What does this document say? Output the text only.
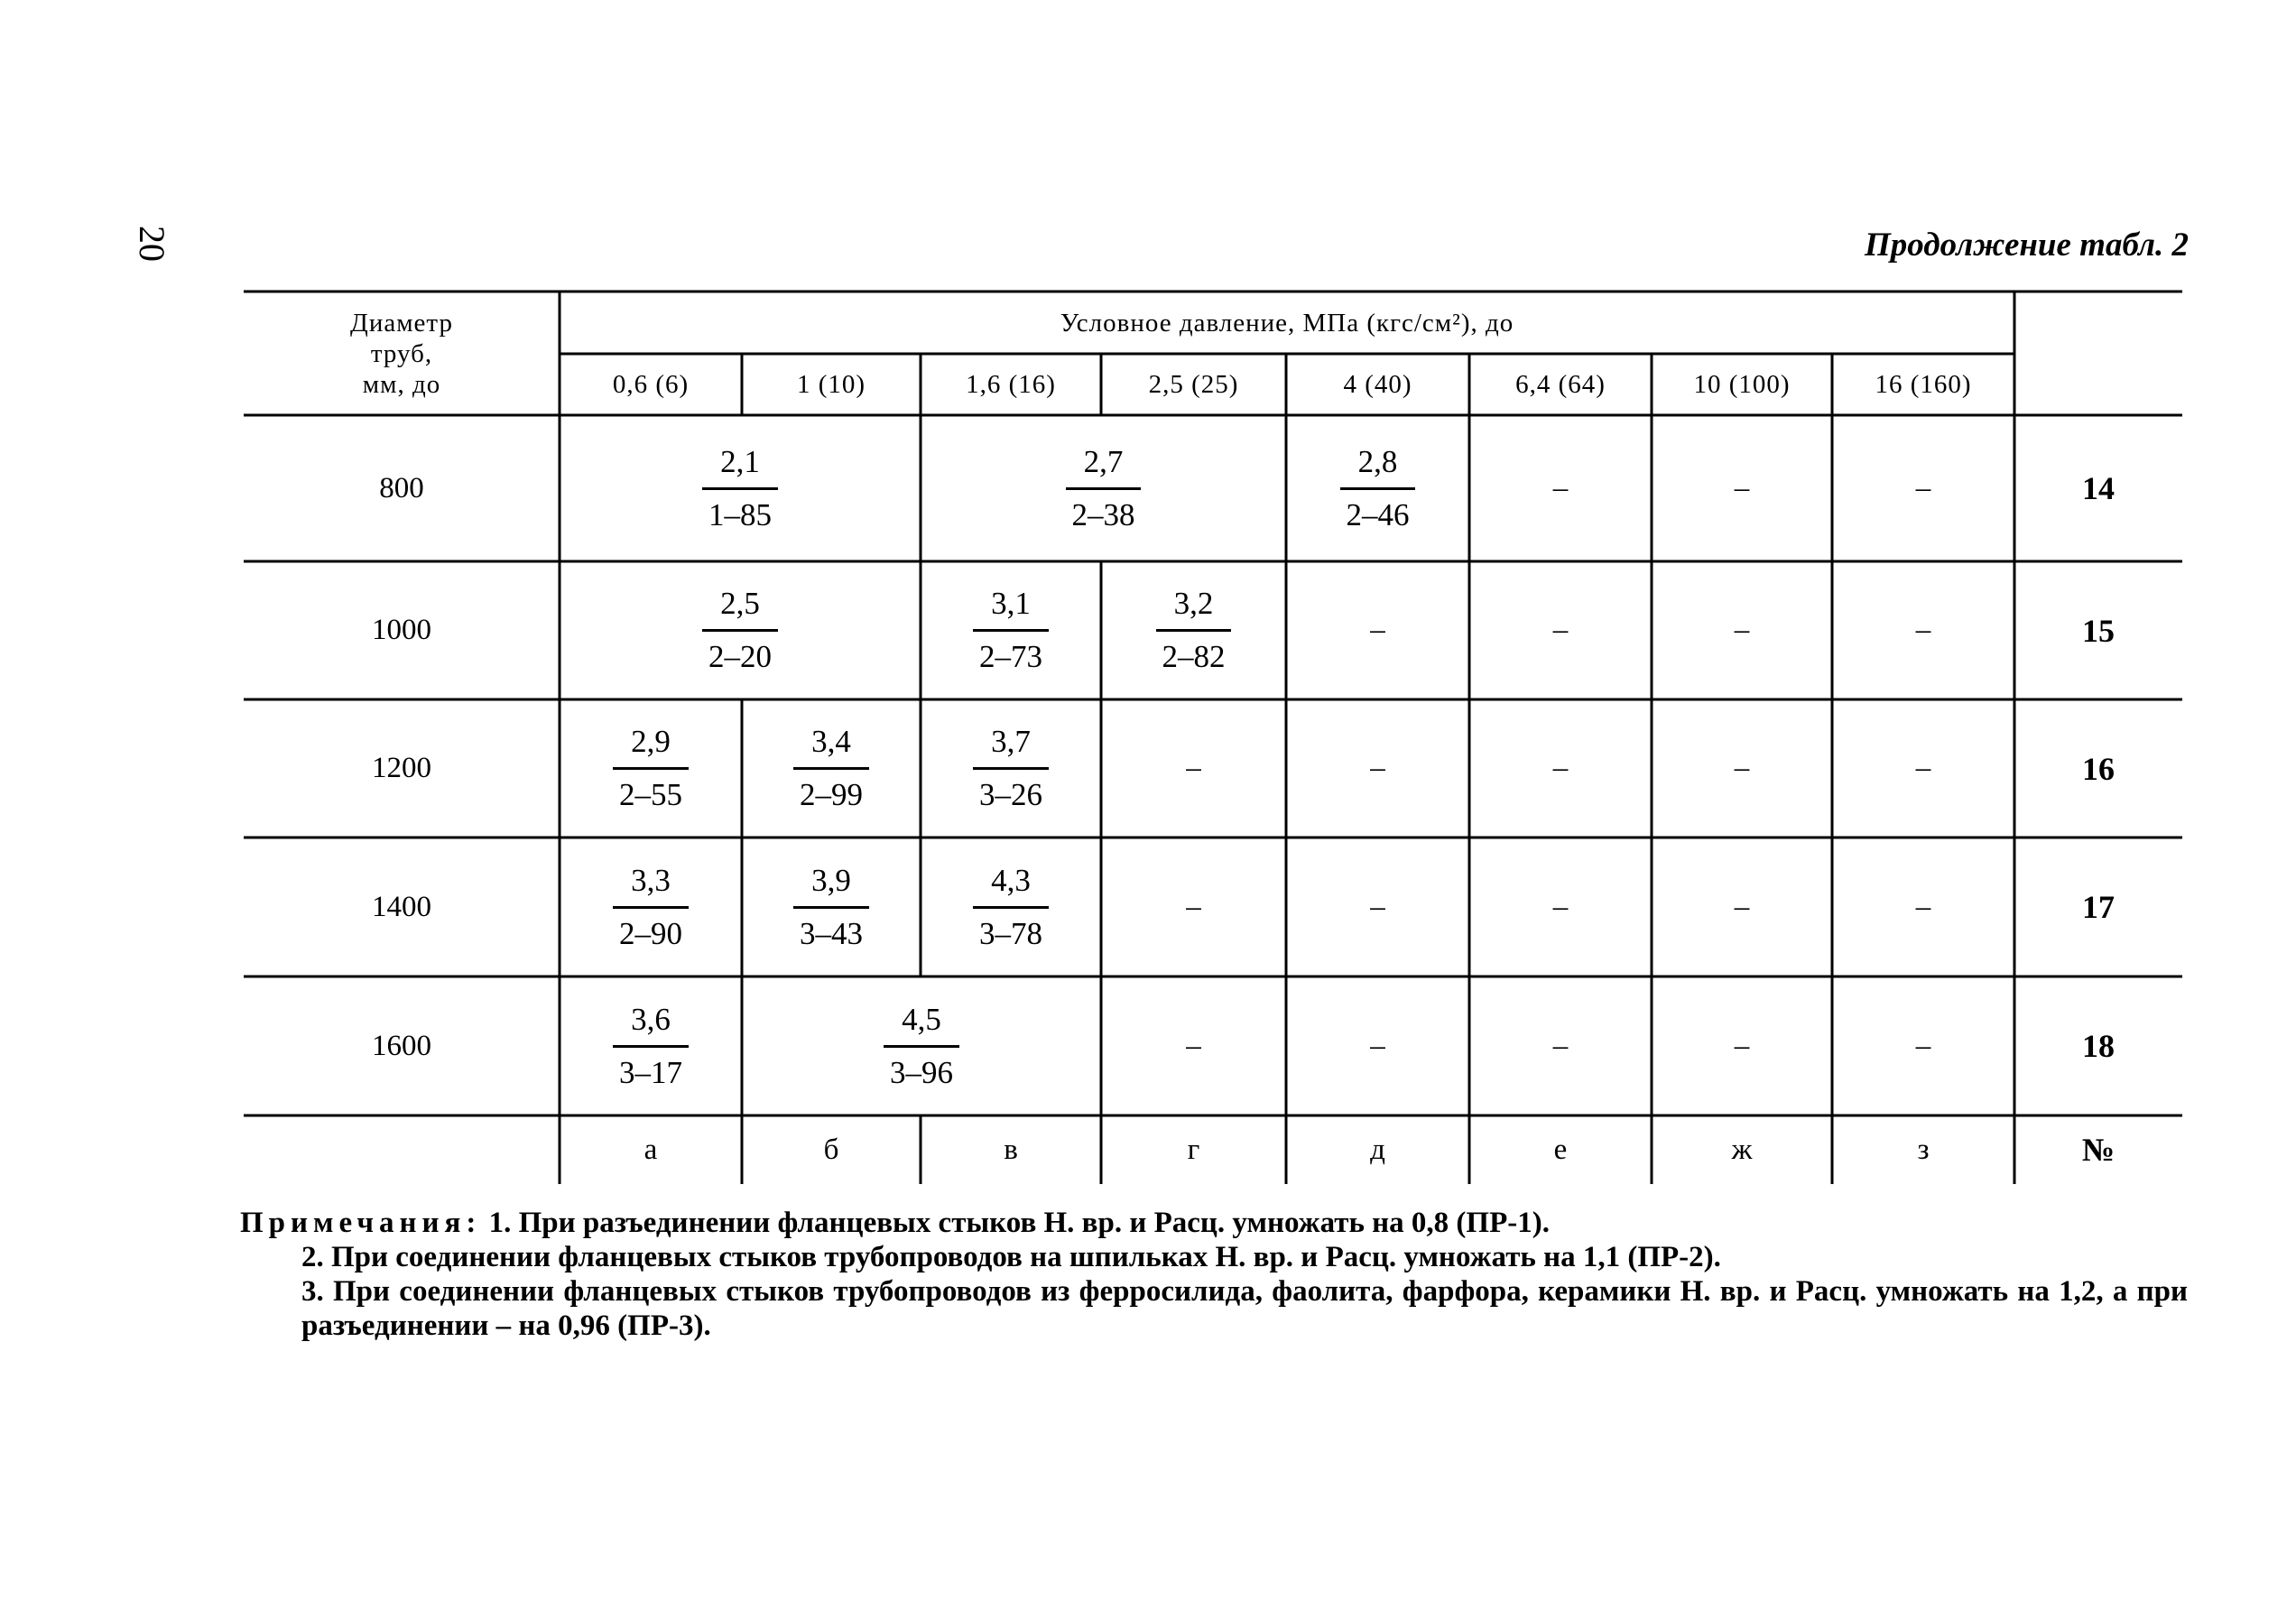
20	Продолжение табл. 2
Диаметр труб, мм, до
Условное давление, МПа (кгс/см²), до
0,6 (6)	1 (10)	1,6 (16)	2,5 (25)	4 (40)	6,4 (64)	10 (100)	16 (160)
800	$\frac{2,1}{1-85}$	$\frac{2,7}{2-38}$	$\frac{2,8}{2-46}$	–	–	–	14
1000	$\frac{2,5}{2-20}$	$\frac{3,1}{2-73}$	$\frac{3,2}{2-82}$	–	–	–	–	15
1200	$\frac{2,9}{2-55}$	$\frac{3,4}{2-99}$	$\frac{3,7}{3-26}$	–	–	–	–	–	16
1400	$\frac{3,3}{2-90}$	$\frac{3,9}{3-43}$	$\frac{4,3}{3-78}$	–	–	–	–	–	17
1600	$\frac{3,6}{3-17}$	$\frac{4,5}{3-96}$	–	–	–	–	–	18
а	б	в	г	д	е	ж	з	№

Примечания: 1. При разъединении фланцевых стыков Н. вр. и Расц. умножать на 0,8 (ПР-1).

2. При соединении фланцевых стыков трубопроводов на шпильках Н. вр. и Расц. умножать на 1,1 (ПР-2).

3. При соединении фланцевых стыков трубопроводов из ферросилида, фаолита, фарфора, керамики Н. вр. и Расц. умножать на 1,2, а при разъединении – на 0,96 (ПР-3).
